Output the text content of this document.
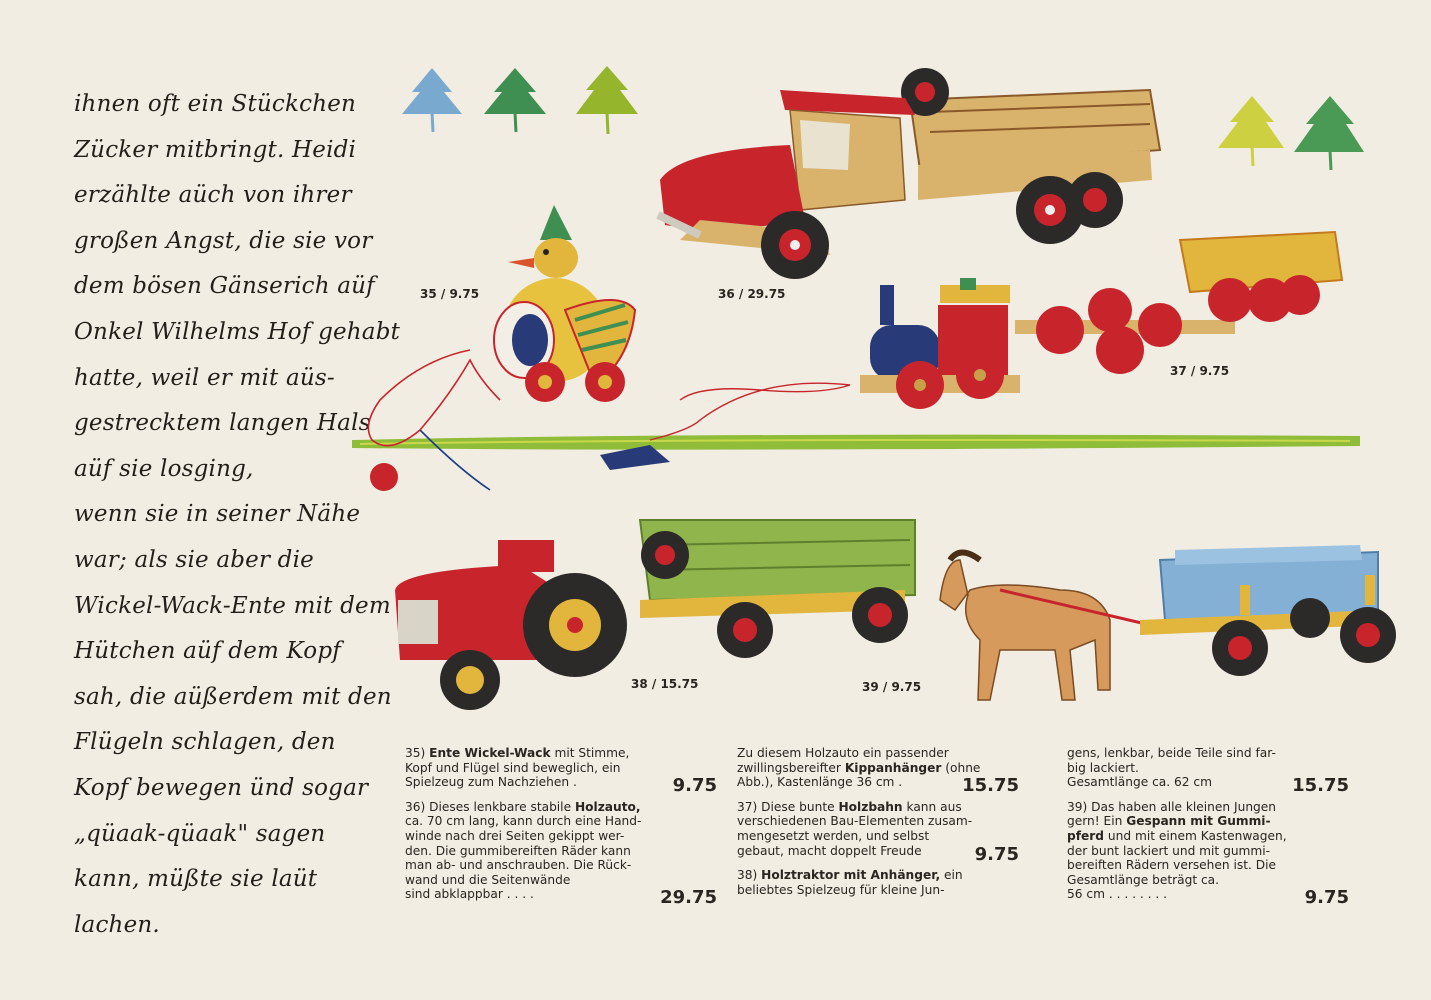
ihnen oft ein Stückchen
Zücker mitbringt. Heidi
erzählte aüch von ihrer
großen Angst, die sie vor
dem bösen Gänserich aüf
Onkel Wilhelms Hof gehabt
hatte, weil er mit aüs-
gestrecktem langen Hals
aüf sie losging,
wenn sie in seiner Nähe
war; als sie aber die
Wickel-Wack-Ente mit dem
Hütchen aüf dem Kopf
sah, die aüßerdem mit den
Flügeln schlagen, den
Kopf bewegen ünd sogar
„qüaak-qüaak" sagen
kann, müßte sie laüt
lachen.
35 / 9.75	36 / 29.75
37 / 9.75
38 / 15.75	39 / 9.75
35) Ente Wickel-Wack mit Stimme,
Kopf und Flügel sind beweglich, ein
Spielzeug zum Nachziehen .	9.75
36) Dieses lenkbare stabile Holzauto,
ca. 70 cm lang, kann durch eine Hand-
winde nach drei Seiten gekippt wer-
den. Die gummibereiften Räder kann
man ab- und anschrauben. Die Rück-
wand und die Seitenwände
sind abklappbar . . . .	29.75
Zu diesem Holzauto ein passender
zwillingsbereifter Kippanhänger (ohne
Abb.), Kastenlänge 36 cm .	15.75
37) Diese bunte Holzbahn kann aus
verschiedenen Bau-Elementen zusam-
mengesetzt werden, und selbst
gebaut, macht doppelt Freude	9.75
38) Holztraktor mit Anhänger, ein
beliebtes Spielzeug für kleine Jun-
gens, lenkbar, beide Teile sind far-
big lackiert.
Gesamtlänge ca. 62 cm	15.75
39) Das haben alle kleinen Jungen
gern! Ein Gespann mit Gummi-
pferd und mit einem Kastenwagen,
der bunt lackiert und mit gummi-
bereiften Rädern versehen ist. Die
Gesamtlänge beträgt ca.
56 cm . . . . . . . .	9.75
